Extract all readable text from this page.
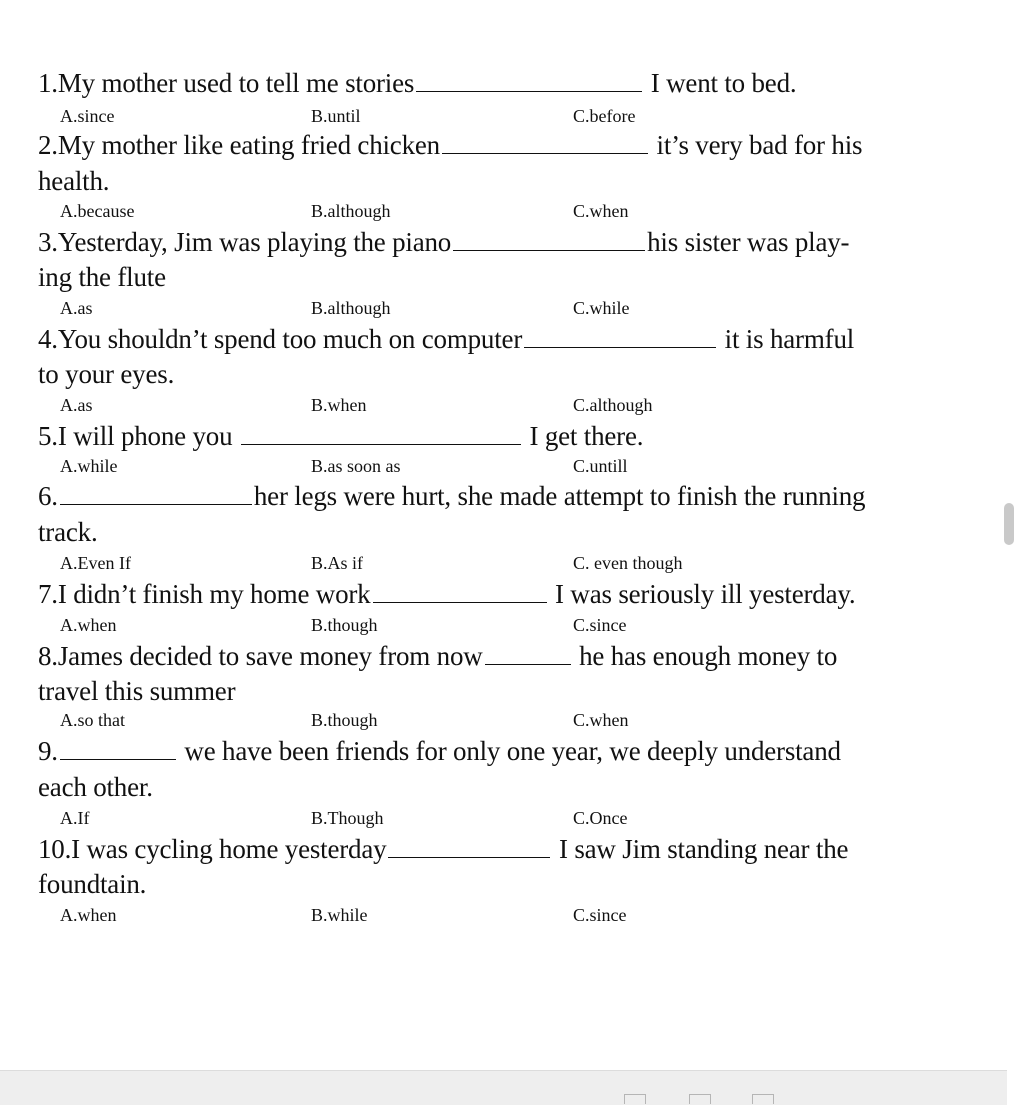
1.My mother used to tell me stories	I went to bed.
A.since	B.until	C.before
2.My mother like eating fried chicken	it’s very bad for his
health.
A.because	B.although	C.when
3.Yesterday, Jim was playing the piano	his sister was play-
ing the flute
A.as	B.although	C.while
4.You shouldn’t spend too much on computer	it is harmful
to your eyes.
A.as	B.when	C.although
5.I will phone you	I get there.
A.while	B.as soon as	C.untill
6.	her legs were hurt, she made attempt to finish the running
track.
A.Even If	B.As if	C. even though
7.I didn’t finish my home work	I was seriously ill yesterday.
A.when	B.though	C.since
8.James decided to save money from now	he has enough money to
travel this summer
A.so that	B.though	C.when
9.	we have been friends for only one year, we deeply understand
each other.
A.If	B.Though	C.Once
10.I was cycling home yesterday	I saw Jim standing near the
foundtain.
A.when	B.while	C.since
